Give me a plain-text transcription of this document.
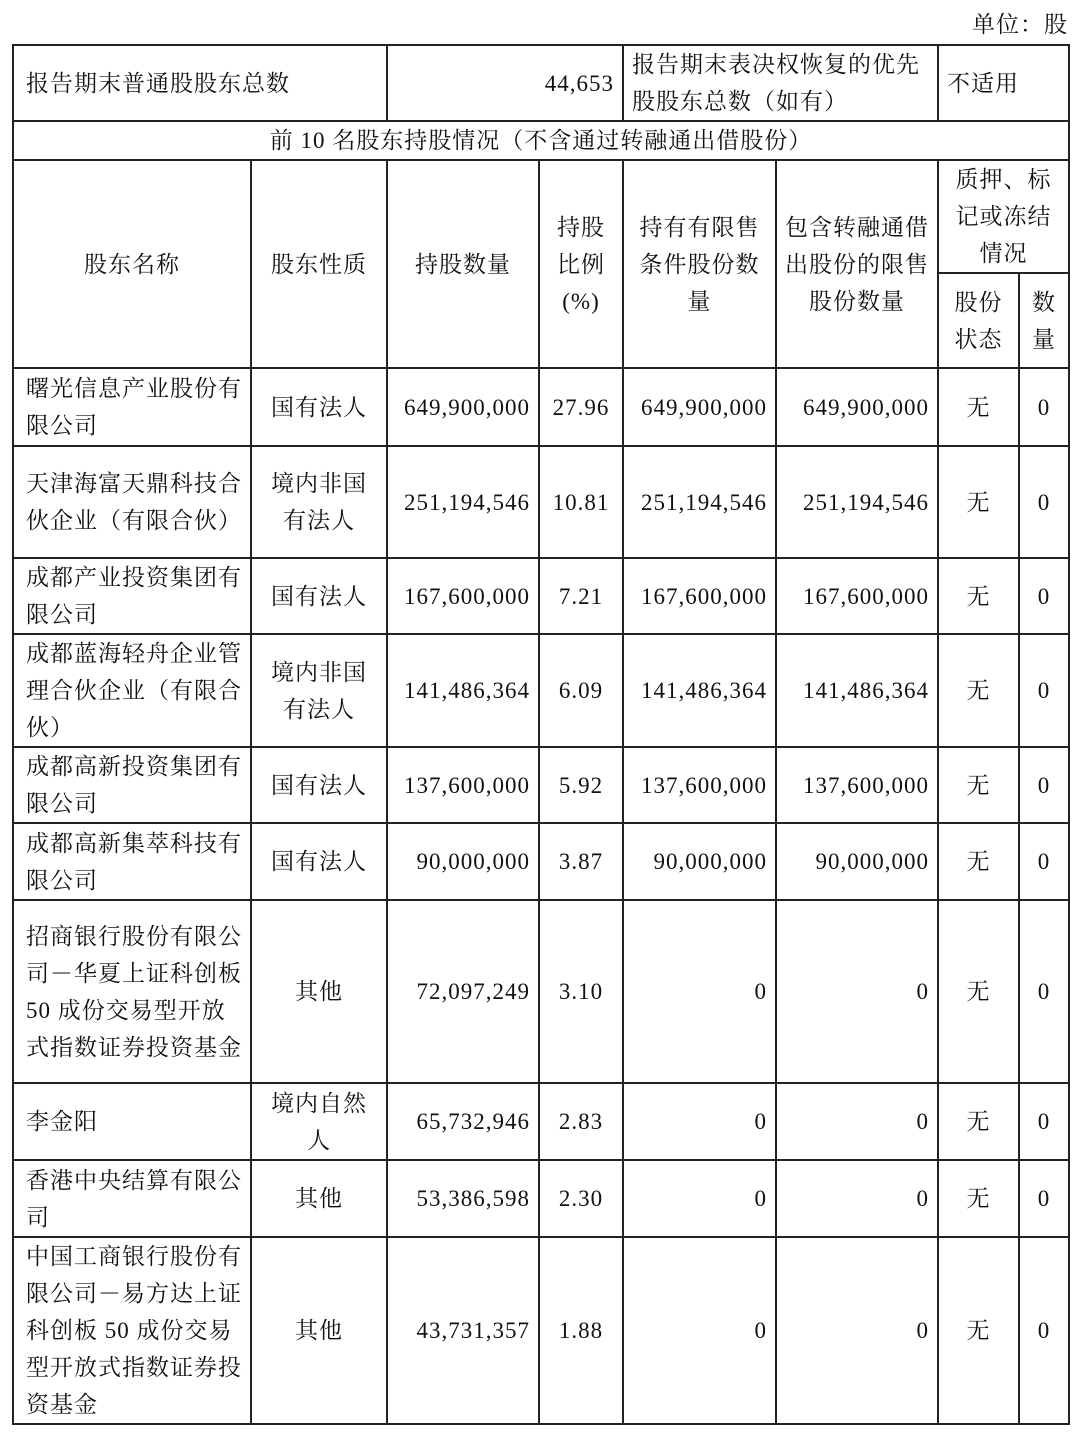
单位：股
报告期末普通股股东总数		44,653		报告期末表决权恢复的优先股股东总数（如有）		不适用	
前 10 名股东持股情况（不含通过转融通出借股份）							
股东名称	股东性质	持股数量	持股比例(%)	持有有限售条件股份数量	包含转融通借出股份的限售股份数量	质押、标记或冻结情况	
						股份状态	数量
曙光信息产业股份有限公司	国有法人	649,900,000	27.96	649,900,000	649,900,000	无	0
天津海富天鼎科技合伙企业（有限合伙）	境内非国有法人	251,194,546	10.81	251,194,546	251,194,546	无	0
成都产业投资集团有限公司	国有法人	167,600,000	7.21	167,600,000	167,600,000	无	0
成都蓝海轻舟企业管理合伙企业（有限合伙）	境内非国有法人	141,486,364	6.09	141,486,364	141,486,364	无	0
成都高新投资集团有限公司	国有法人	137,600,000	5.92	137,600,000	137,600,000	无	0
成都高新集萃科技有限公司	国有法人	90,000,000	3.87	90,000,000	90,000,000	无	0
招商银行股份有限公司－华夏上证科创板 50 成份交易型开放式指数证券投资基金	其他	72,097,249	3.10	0	0	无	0
李金阳	境内自然人	65,732,946	2.83	0	0	无	0
香港中央结算有限公司	其他	53,386,598	2.30	0	0	无	0
中国工商银行股份有限公司－易方达上证科创板 50 成份交易型开放式指数证券投资基金	其他	43,731,357	1.88	0	0	无	0
